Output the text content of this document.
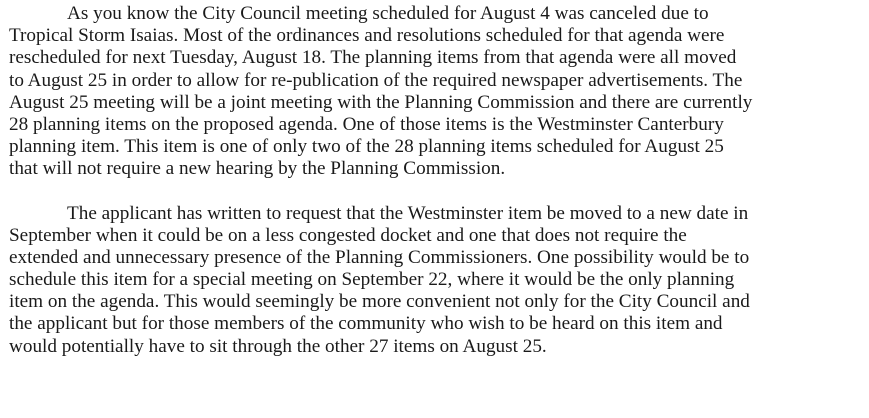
As you know the City Council meeting scheduled for August 4 was canceled due to
Tropical Storm Isaias. Most of the ordinances and resolutions scheduled for that agenda were
rescheduled for next Tuesday, August 18. The planning items from that agenda were all moved
to August 25 in order to allow for re-publication of the required newspaper advertisements. The
August 25 meeting will be a joint meeting with the Planning Commission and there are currently
28 planning items on the proposed agenda. One of those items is the Westminster Canterbury
planning item. This item is one of only two of the 28 planning items scheduled for August 25
that will not require a new hearing by the Planning Commission.
The applicant has written to request that the Westminster item be moved to a new date in
September when it could be on a less congested docket and one that does not require the
extended and unnecessary presence of the Planning Commissioners. One possibility would be to
schedule this item for a special meeting on September 22, where it would be the only planning
item on the agenda. This would seemingly be more convenient not only for the City Council and
the applicant but for those members of the community who wish to be heard on this item and
would potentially have to sit through the other 27 items on August 25.
